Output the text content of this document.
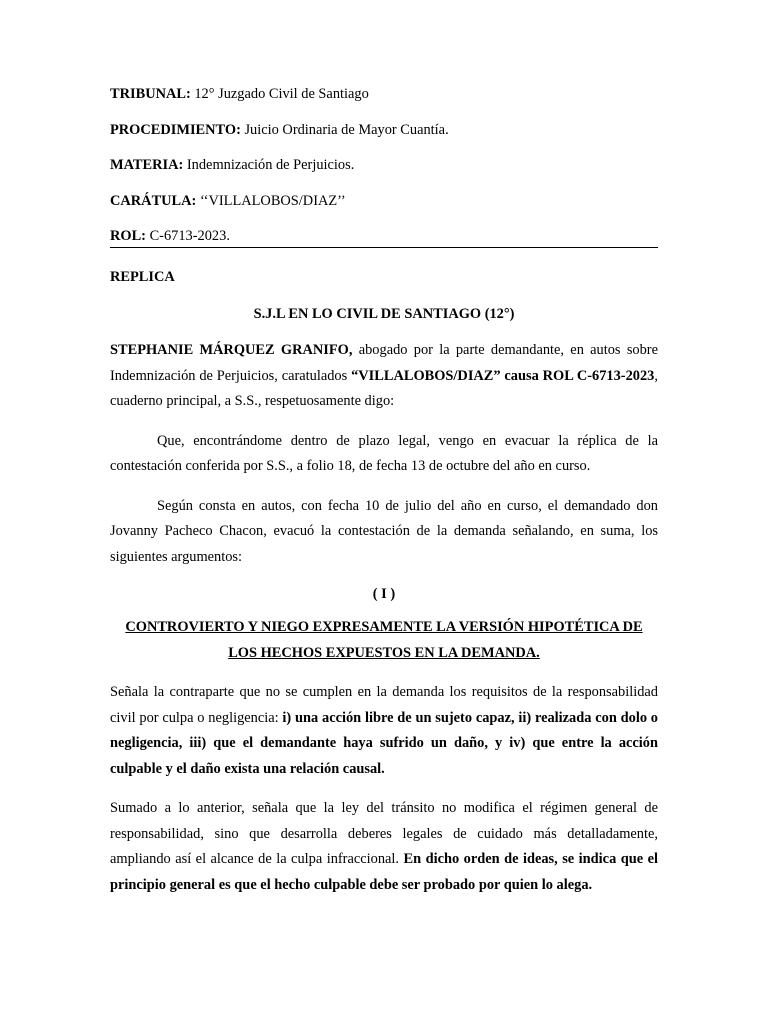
TRIBUNAL: 12° Juzgado Civil de Santiago
PROCEDIMIENTO: Juicio Ordinaria de Mayor Cuantía.
MATERIA: Indemnización de Perjuicios.
CARÁTULA: ‘‘VILLALOBOS/DIAZ’’
ROL: C-6713-2023.
REPLICA
S.J.L EN LO CIVIL DE SANTIAGO (12°)

STEPHANIE MÁRQUEZ GRANIFO, abogado por la parte demandante, en autos sobre Indemnización de Perjuicios, caratulados “VILLALOBOS/DIAZ” causa ROL C-6713-2023, cuaderno principal, a S.S., respetuosamente digo:

Que, encontrándome dentro de plazo legal, vengo en evacuar la réplica de la contestación conferida por S.S., a folio 18, de fecha 13 de octubre del año en curso.

Según consta en autos, con fecha 10 de julio del año en curso, el demandado don Jovanny Pacheco Chacon, evacuó la contestación de la demanda señalando, en suma, los siguientes argumentos:

( I )
CONTROVIERTO Y NIEGO EXPRESAMENTE LA VERSIÓN HIPOTÉTICA DE LOS HECHOS EXPUESTOS EN LA DEMANDA.

Señala la contraparte que no se cumplen en la demanda los requisitos de la responsabilidad civil por culpa o negligencia: i) una acción libre de un sujeto capaz, ii) realizada con dolo o negligencia, iii) que el demandante haya sufrido un daño, y iv) que entre la acción culpable y el daño exista una relación causal.

Sumado a lo anterior, señala que la ley del tránsito no modifica el régimen general de responsabilidad, sino que desarrolla deberes legales de cuidado más detalladamente, ampliando así el alcance de la culpa infraccional. En dicho orden de ideas, se indica que el principio general es que el hecho culpable debe ser probado por quien lo alega.
